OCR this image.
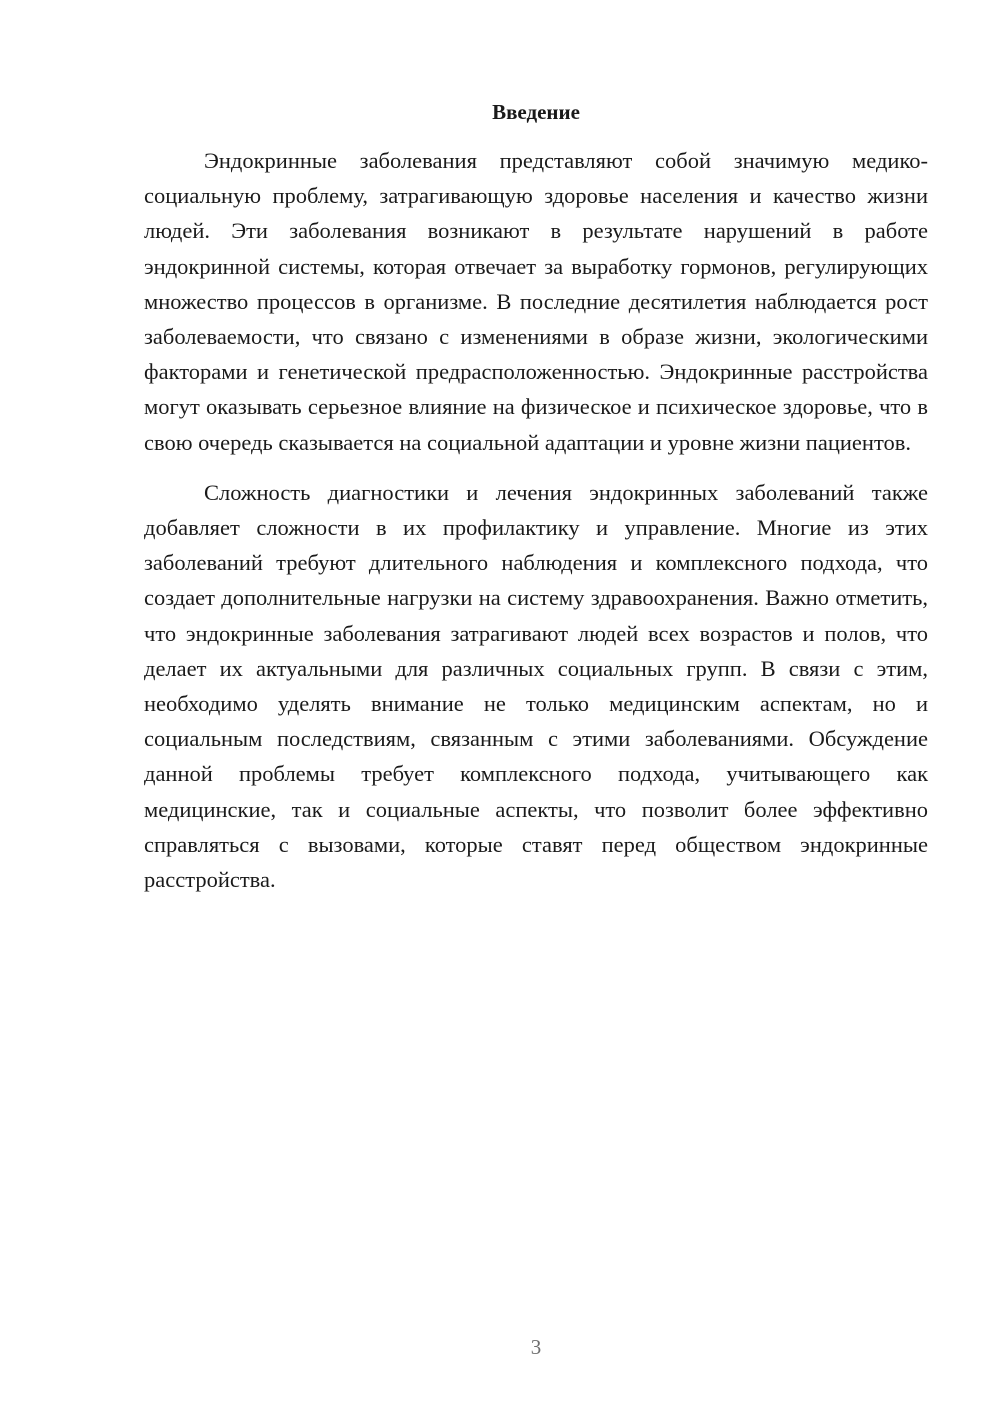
Введение

Эндокринные заболевания представляют собой значимую медико-социальную проблему, затрагивающую здоровье населения и качество жизни людей. Эти заболевания возникают в результате нарушений в работе эндокринной системы, которая отвечает за выработку гормонов, регулирующих множество процессов в организме. В последние десятилетия наблюдается рост заболеваемости, что связано с изменениями в образе жизни, экологическими факторами и генетической предрасположенностью. Эндокринные расстройства могут оказывать серьезное влияние на физическое и психическое здоровье, что в свою очередь сказывается на социальной адаптации и уровне жизни пациентов.

Сложность диагностики и лечения эндокринных заболеваний также добавляет сложности в их профилактику и управление. Многие из этих заболеваний требуют длительного наблюдения и комплексного подхода, что создает дополнительные нагрузки на систему здравоохранения. Важно отметить, что эндокринные заболевания затрагивают людей всех возрастов и полов, что делает их актуальными для различных социальных групп. В связи с этим, необходимо уделять внимание не только медицинским аспектам, но и социальным последствиям, связанным с этими заболеваниями. Обсуждение данной проблемы требует комплексного подхода, учитывающего как медицинские, так и социальные аспекты, что позволит более эффективно справляться с вызовами, которые ставят перед обществом эндокринные расстройства.

3
